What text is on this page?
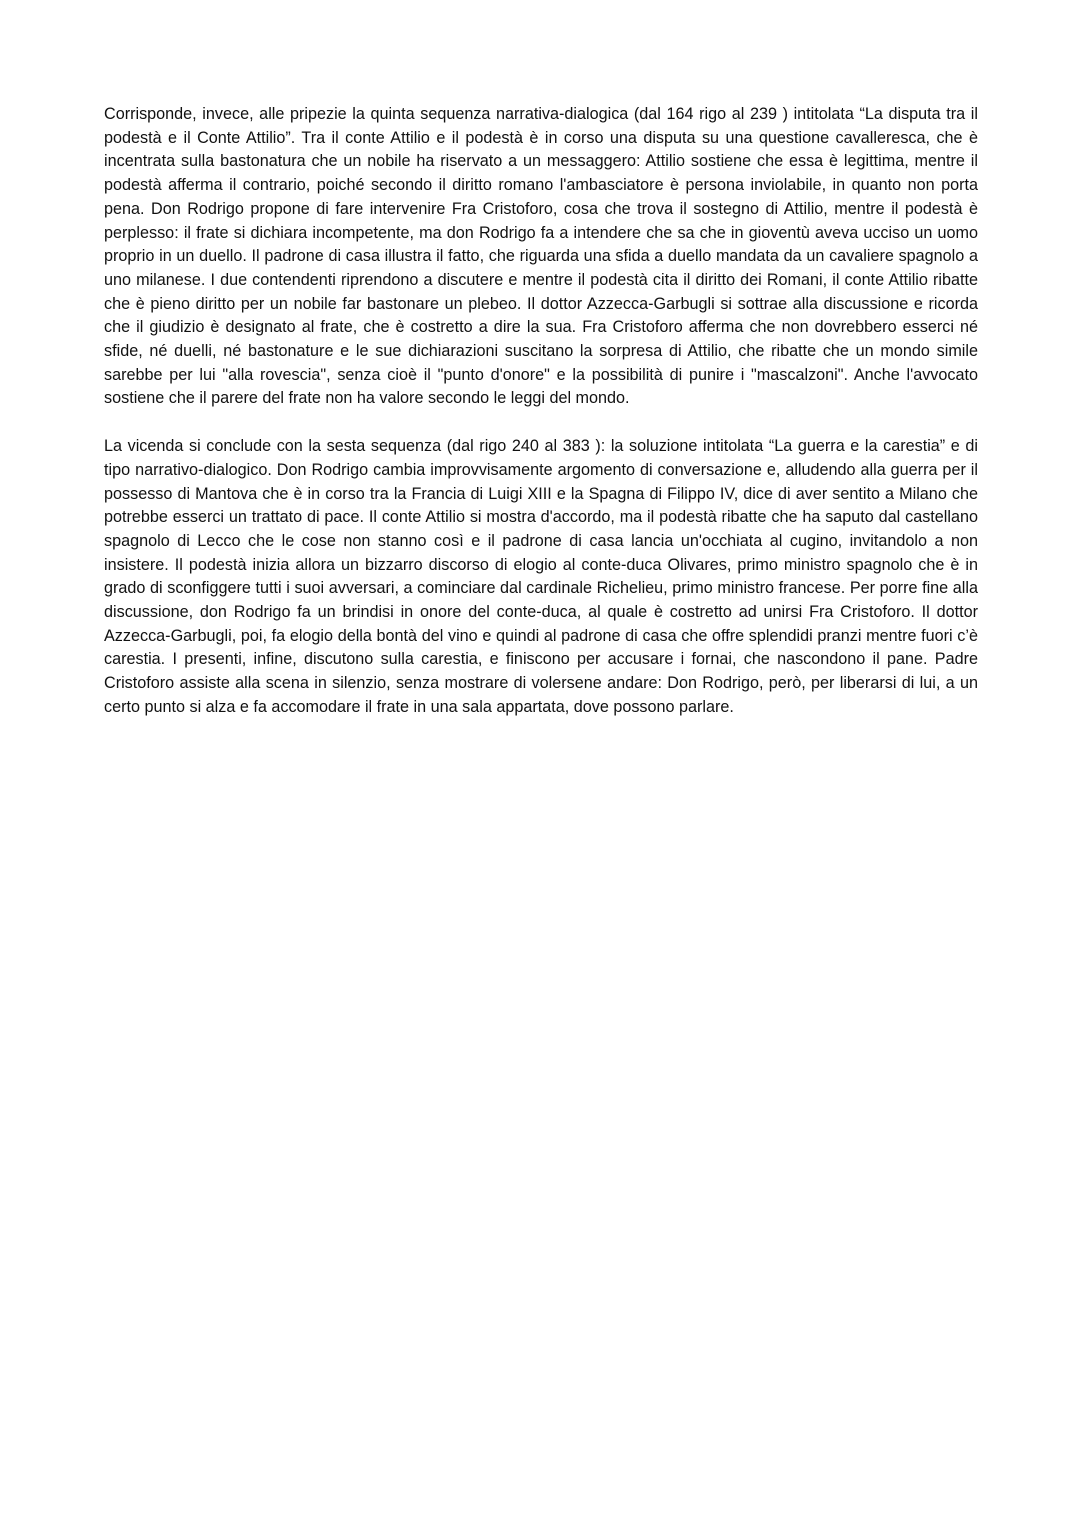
Corrisponde, invece, alle pripezie la quinta sequenza narrativa-dialogica (dal 164 rigo al 239 ) intitolata “La disputa tra il podestà e il Conte Attilio”. Tra il conte Attilio e il podestà è in corso una disputa su una questione cavalleresca, che è incentrata sulla bastonatura che un nobile ha riservato a un messaggero: Attilio sostiene che essa è legittima, mentre il podestà afferma il contrario, poiché secondo il diritto romano l'ambasciatore è persona inviolabile, in quanto non porta pena. Don Rodrigo propone di fare intervenire Fra Cristoforo, cosa che trova il sostegno di Attilio, mentre il podestà è perplesso: il frate si dichiara incompetente, ma don Rodrigo fa a intendere che sa che in gioventù aveva ucciso un uomo proprio in un duello. Il padrone di casa illustra il fatto, che riguarda una sfida a duello mandata da un cavaliere spagnolo a uno milanese. I due contendenti riprendono a discutere e mentre il podestà cita il diritto dei Romani, il conte Attilio ribatte che è pieno diritto per un nobile far bastonare un plebeo. Il dottor Azzecca-Garbugli si sottrae alla discussione e ricorda che il giudizio è designato al frate, che è costretto a dire la sua. Fra Cristoforo afferma che non dovrebbero esserci né sfide, né duelli, né bastonature e le sue dichiarazioni suscitano la sorpresa di Attilio, che ribatte che un mondo simile sarebbe per lui "alla rovescia", senza cioè il "punto d'onore" e la possibilità di punire i "mascalzoni". Anche l'avvocato sostiene che il parere del frate non ha valore secondo le leggi del mondo.

La vicenda si conclude con la sesta sequenza (dal rigo 240 al 383 ): la soluzione intitolata “La guerra e la carestia” e di tipo narrativo-dialogico. Don Rodrigo cambia improvvisamente argomento di conversazione e, alludendo alla guerra per il possesso di Mantova che è in corso tra la Francia di Luigi XIII e la Spagna di Filippo IV, dice di aver sentito a Milano che potrebbe esserci un trattato di pace. Il conte Attilio si mostra d'accordo, ma il podestà ribatte che ha saputo dal castellano spagnolo di Lecco che le cose non stanno così e il padrone di casa lancia un'occhiata al cugino, invitandolo a non insistere. Il podestà inizia allora un bizzarro discorso di elogio al conte-duca Olivares, primo ministro spagnolo che è in grado di sconfiggere tutti i suoi avversari, a cominciare dal cardinale Richelieu, primo ministro francese. Per porre fine alla discussione, don Rodrigo fa un brindisi in onore del conte-duca, al quale è costretto ad unirsi Fra Cristoforo. Il dottor Azzecca-Garbugli, poi, fa elogio della bontà del vino e quindi al padrone di casa che offre splendidi pranzi mentre fuori c’è carestia. I presenti, infine, discutono sulla carestia, e finiscono per accusare i fornai, che nascondono il pane. Padre Cristoforo assiste alla scena in silenzio, senza mostrare di volersene andare: Don Rodrigo, però, per liberarsi di lui, a un certo punto si alza e fa accomodare il frate in una sala appartata, dove possono parlare.
